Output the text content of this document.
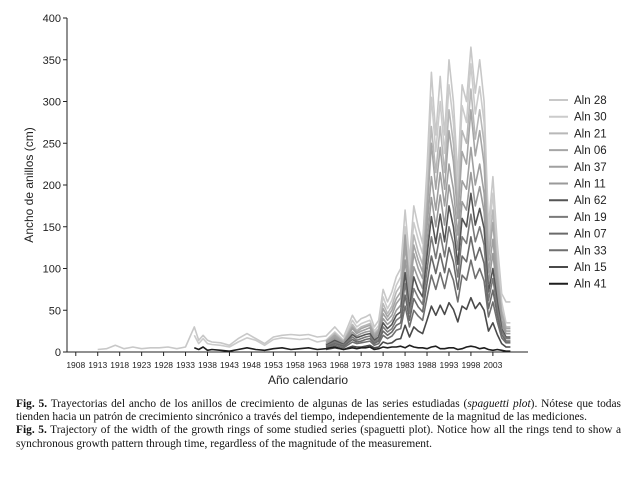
0
50
100
150
200
250
300
350
400
1908 1913 1918 1923 1928 1933 1938 1943 1948 1953 1958 1963 1968 1973 1978 1983 1988 1993 1998 2003
Año calendario
Ancho de anillos (cm)
Aln 28
Aln 30
Aln 21
Aln 06
Aln 37
Aln 11
Aln 62
Aln 19
Aln 07
Aln 33
Aln 15
Aln 41

Fig. 5. Trayectorias del ancho de los anillos de crecimiento de algunas de las series estudiadas (spaguetti plot). Nótese que todas tienden hacia un patrón de crecimiento sincrónico a través del tiempo, independientemente de la magnitud de las mediciones.

Fig. 5. Trajectory of the width of the growth rings of some studied series (spaguetti plot). Notice how all the rings tend to show a synchronous growth pattern through time, regardless of the magnitude of the measurement.
